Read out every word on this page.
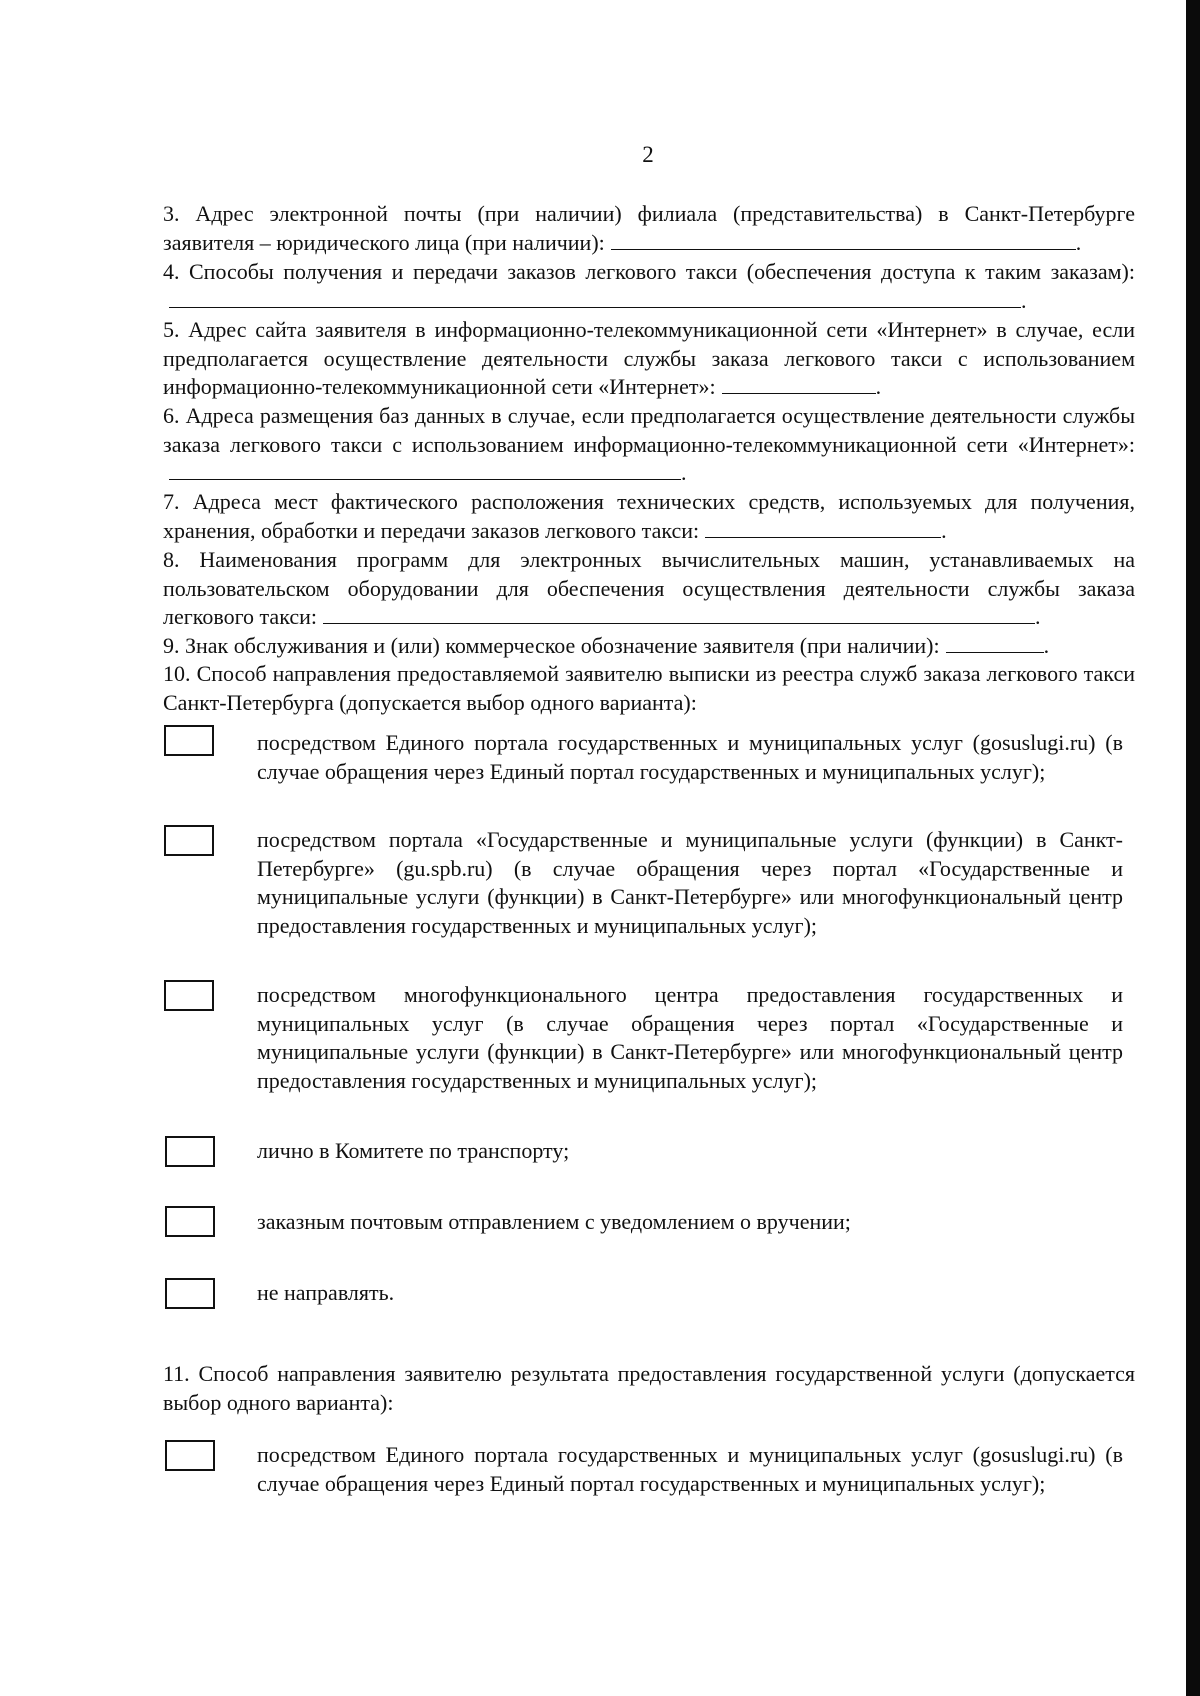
2
3. Адрес электронной почты (при наличии) филиала (представительства) в Санкт-Петербурге заявителя – юридического лица (при наличии):	.
4. Способы получения и передачи заказов легкового такси (обеспечения доступа к таким заказам):.
5. Адрес сайта заявителя в информационно-телекоммуникационной сети «Интернет» в случае, если предполагается осуществление деятельности службы заказа легкового такси с использованием информационно-телекоммуникационной сети «Интернет»:	.
6. Адреса размещения баз данных в случае, если предполагается осуществление деятельности службы заказа легкового такси с использованием информационно-телекоммуникационной сети «Интернет»:.
7. Адреса мест фактического расположения технических средств, используемых для получения, хранения, обработки и передачи заказов легкового такси:	.
8. Наименования программ для электронных вычислительных машин, устанавливаемых на пользовательском оборудовании для обеспечения осуществления деятельности службы заказа легкового такси:	.
9. Знак обслуживания и (или) коммерческое обозначение заявителя (при наличии):	.
10. Способ направления предоставляемой заявителю выписки из реестра служб заказа легкового такси Санкт-Петербурга (допускается выбор одного варианта):
посредством Единого портала государственных и муниципальных услуг (gosuslugi.ru) (в случае обращения через Единый портал государственных и муниципальных услуг);
посредством портала «Государственные и муниципальные услуги (функции) в Санкт-Петербурге» (gu.spb.ru) (в случае обращения через портал «Государственные и муниципальные услуги (функции) в Санкт-Петербурге» или многофункциональный центр предоставления государственных и муниципальных услуг);
посредством многофункционального центра предоставления государственных и муниципальных услуг (в случае обращения через портал «Государственные и муниципальные услуги (функции) в Санкт-Петербурге» или многофункциональный центр предоставления государственных и муниципальных услуг);
лично в Комитете по транспорту;
заказным почтовым отправлением с уведомлением о вручении;
не направлять.
11. Способ направления заявителю результата предоставления государственной услуги (допускается выбор одного варианта):
посредством Единого портала государственных и муниципальных услуг (gosuslugi.ru) (в случае обращения через Единый портал государственных и муниципальных услуг);
